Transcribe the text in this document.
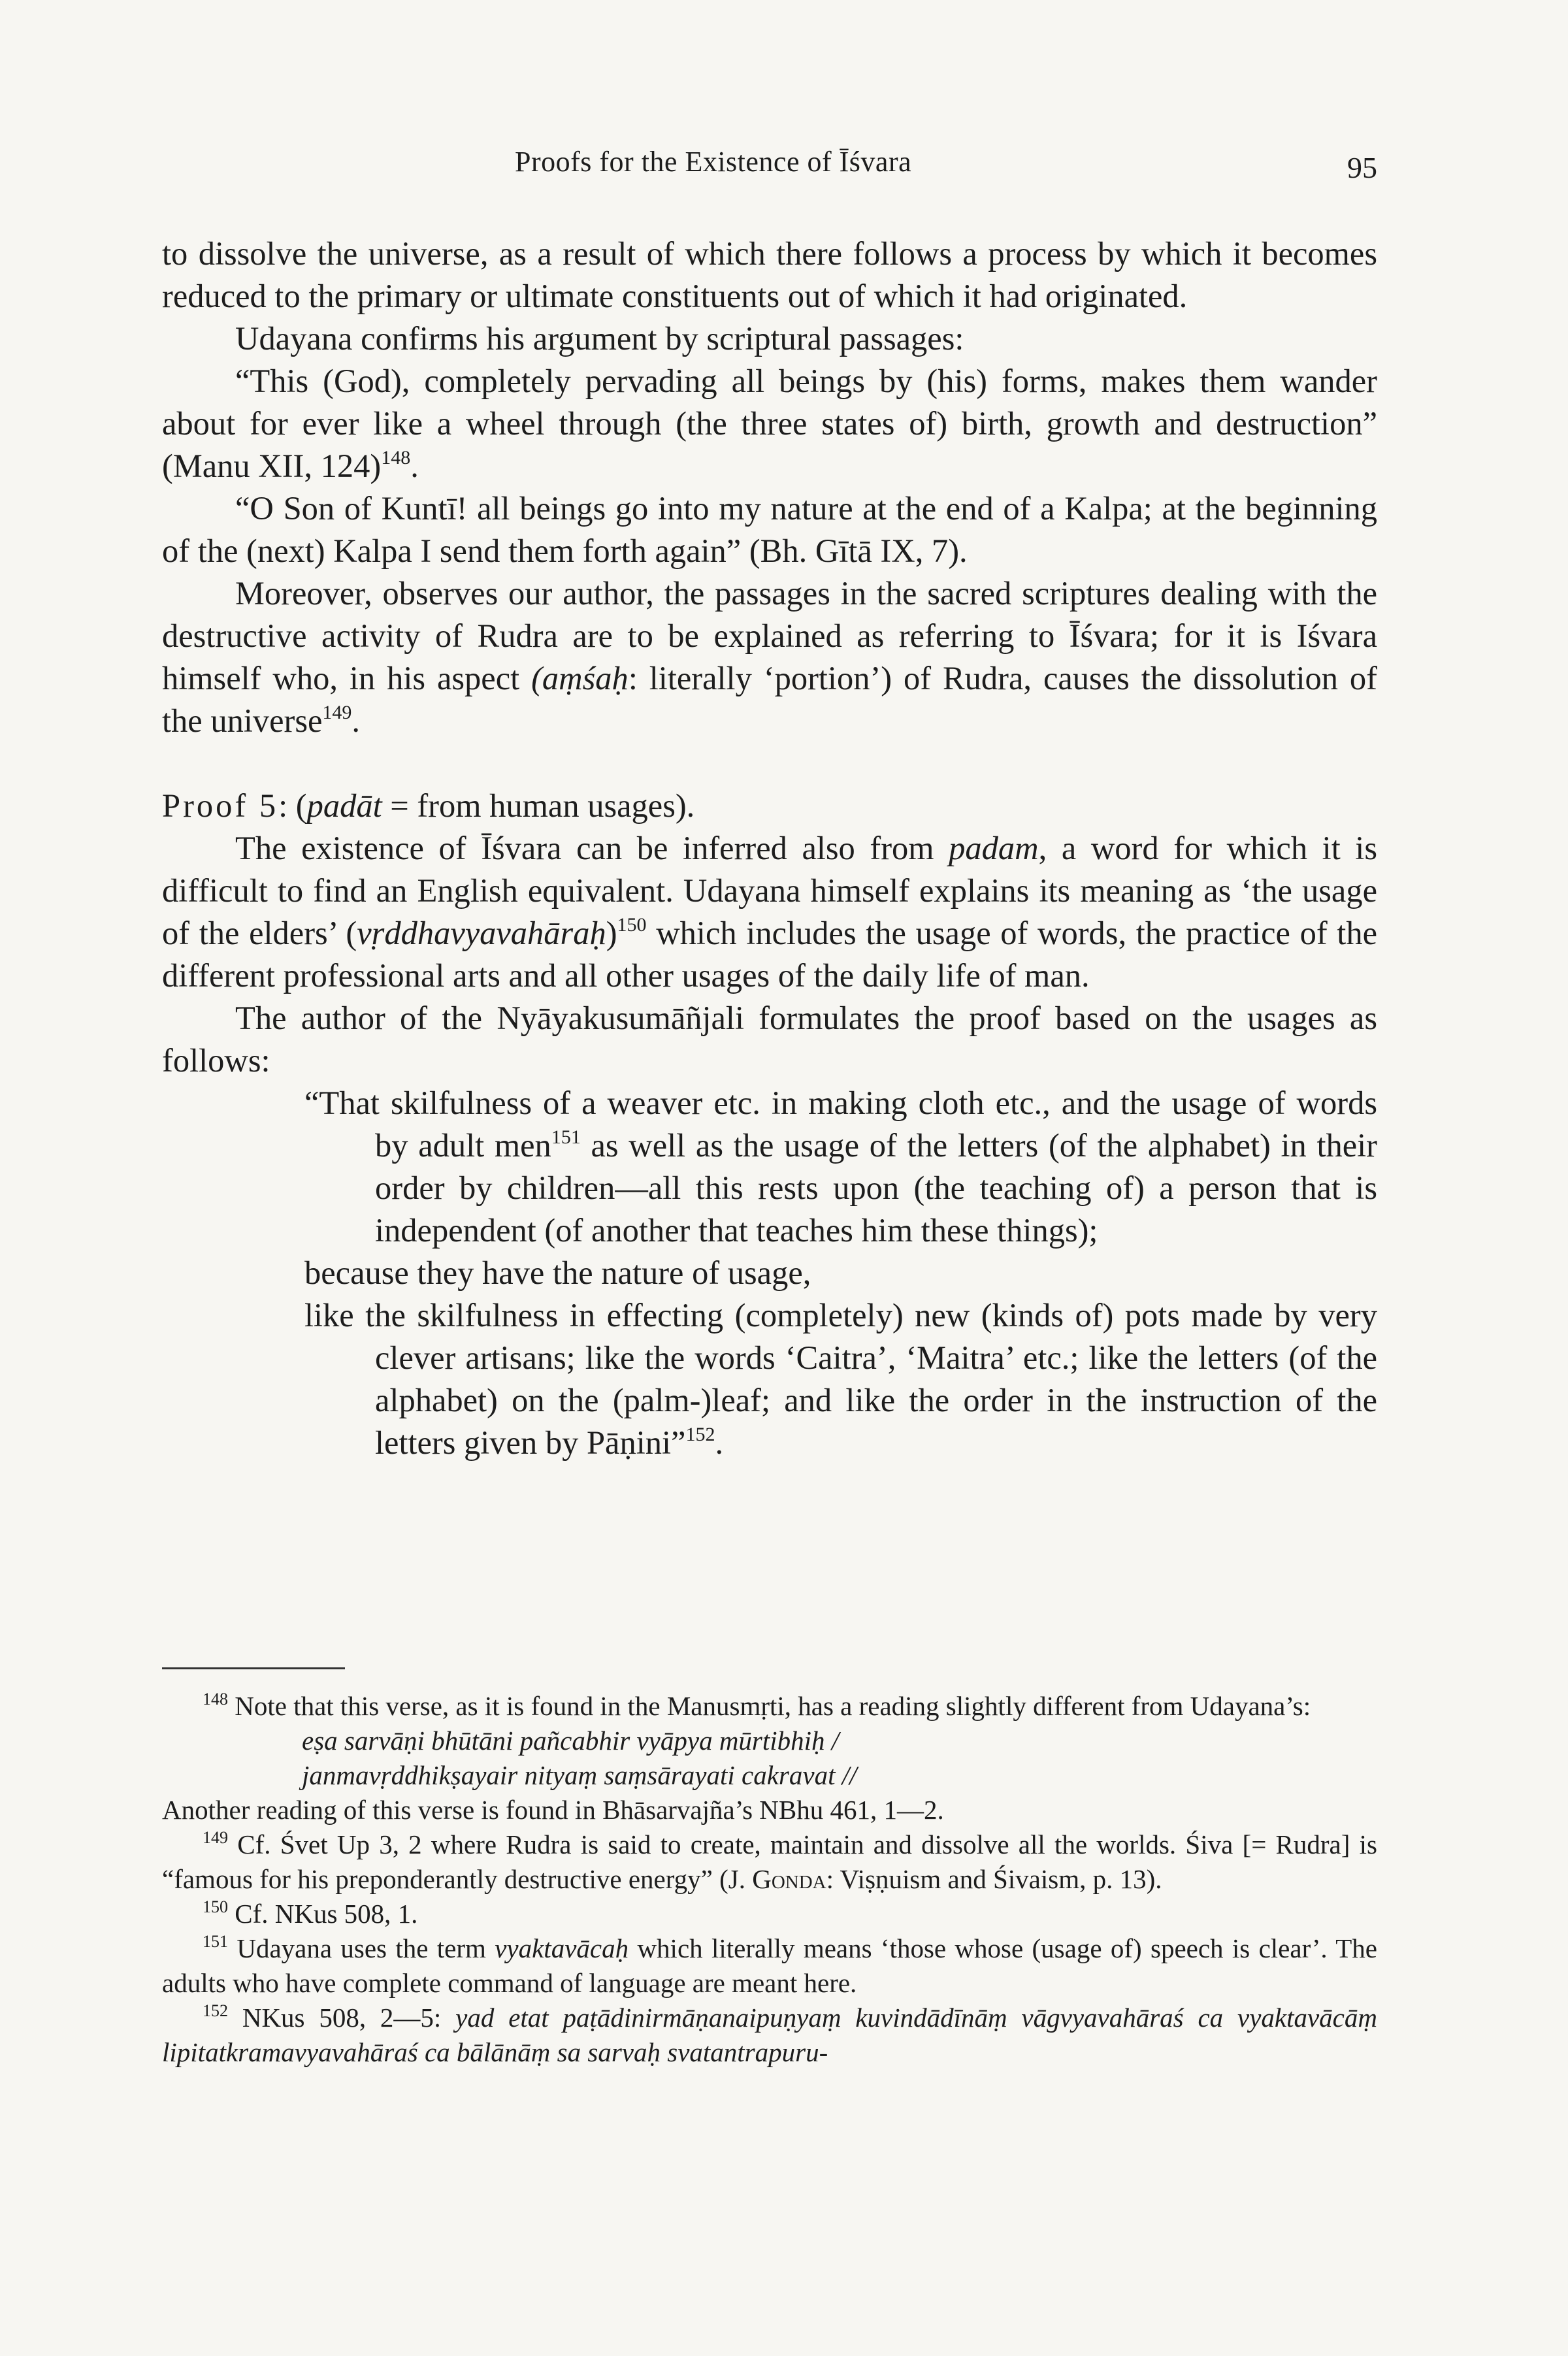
Proofs for the Existence of Īśvara	95

to dissolve the universe, as a result of which there follows a process by which it becomes reduced to the primary or ultimate constituents out of which it had originated.

Udayana confirms his argument by scriptural passages:

“This (God), completely pervading all beings by (his) forms, makes them wander about for ever like a wheel through (the three states of) birth, growth and destruction” (Manu XII, 124)$^{148}$.

“O Son of Kuntī! all beings go into my nature at the end of a Kalpa; at the beginning of the (next) Kalpa I send them forth again” (Bh. Gītā IX, 7).

Moreover, observes our author, the passages in the sacred scriptures dealing with the destructive activity of Rudra are to be explained as referring to Īśvara; for it is Iśvara himself who, in his aspect (aṃśaḥ: literally ‘portion’) of Rudra, causes the dissolution of the universe$^{149}$.

Proof 5: (padāt = from human usages).

The existence of Īśvara can be inferred also from padam, a word for which it is difficult to find an English equivalent. Udayana himself explains its meaning as ‘the usage of the elders’ (vṛddhavyavahāraḥ)$^{150}$ which includes the usage of words, the practice of the different professional arts and all other usages of the daily life of man.

The author of the Nyāyakusumāñjali formulates the proof based on the usages as follows:

“That skilfulness of a weaver etc. in making cloth etc., and the usage of words by adult men$^{151}$ as well as the usage of the letters (of the alphabet) in their order by children—all this rests upon (the teaching of) a person that is independent (of another that teaches him these things);

because they have the nature of usage,

like the skilfulness in effecting (completely) new (kinds of) pots made by very clever artisans; like the words ‘Caitra’, ‘Maitra’ etc.; like the letters (of the alphabet) on the (palm-)leaf; and like the order in the instruction of the letters given by Pāṇini”$^{152}$.

$^{148}$ Note that this verse, as it is found in the Manusmṛti, has a reading slightly different from Udayana’s:

eṣa sarvāṇi bhūtāni pañcabhir vyāpya mūrtibhiḥ /

janmavṛddhikṣayair nityaṃ saṃsārayati cakravat //

Another reading of this verse is found in Bhāsarvajña’s NBhu 461, 1—2.

$^{149}$ Cf. Śvet Up 3, 2 where Rudra is said to create, maintain and dissolve all the worlds. Śiva [= Rudra] is “famous for his preponderantly destructive energy” (J. Gonda: Viṣṇuism and Śivaism, p. 13).

$^{150}$ Cf. NKus 508, 1.

$^{151}$ Udayana uses the term vyaktavācaḥ which literally means ‘those whose (usage of) speech is clear’. The adults who have complete command of language are meant here.

$^{152}$ NKus 508, 2—5: yad etat paṭādinirmāṇanaipuṇyaṃ kuvindādīnāṃ vāgvyavahāraś ca vyaktavācāṃ lipitatkramavyavahāraś ca bālānāṃ sa sarvaḥ svatantrapuru-
